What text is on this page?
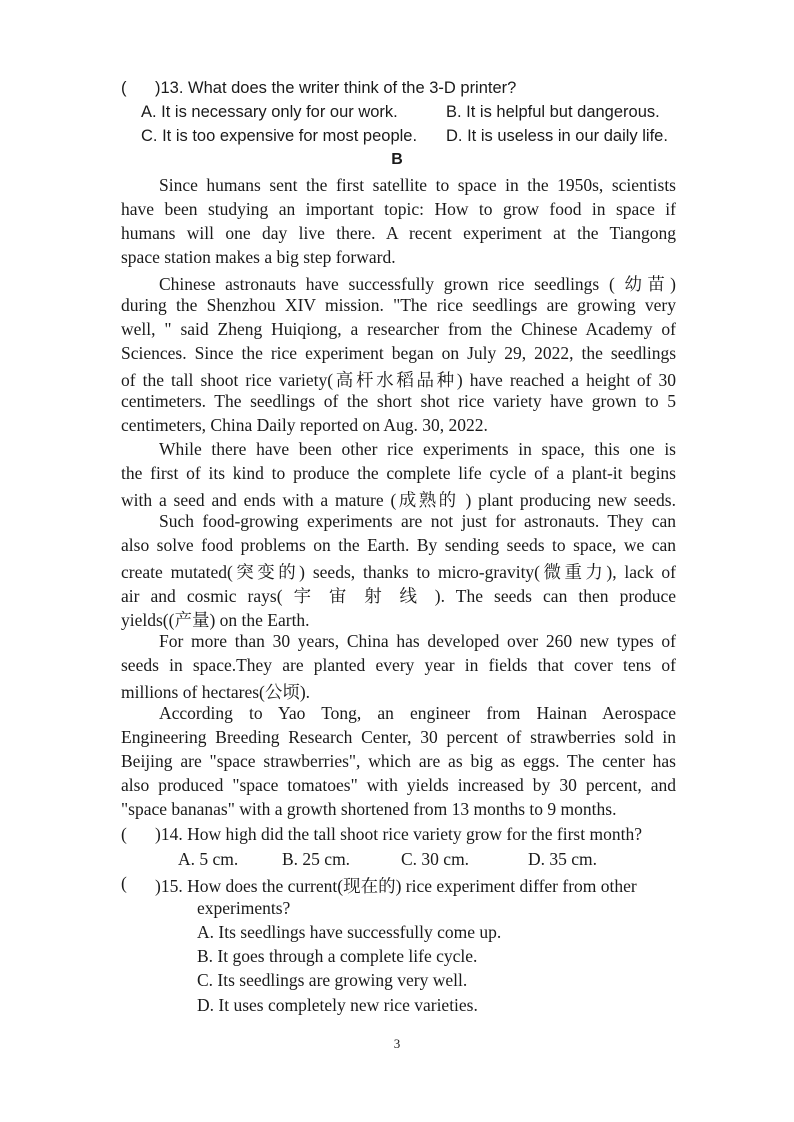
( )13. What does the writer think of the 3-D printer?
A. It is necessary only for our work.	B. It is helpful but dangerous.
C. It is too expensive for most people. D. It is useless in our daily life.
B
Since humans sent the first satellite to space in the 1950s, scientists
have been studying an important topic: How to grow food in space if
humans will one day live there. A recent experiment at the Tiangong
space station makes a big step forward.
Chinese astronauts have successfully grown rice seedlings ( 幼苗)
during the Shenzhou XIV mission. "The rice seedlings are growing very
well, " said Zheng Huiqiong, a researcher from the Chinese Academy of
Sciences. Since the rice experiment began on July 29, 2022, the seedlings
of the tall shoot rice variety(高杆水稻品种) have reached a height of 30
centimeters. The seedlings of the short shot rice variety have grown to 5
centimeters, China Daily reported on Aug. 30, 2022.
While there have been other rice experiments in space, this one is
the first of its kind to produce the complete life cycle of a plant-it begins
with a seed and ends with a mature (成熟的 ) plant producing new seeds.
Such food-growing experiments are not just for astronauts. They can
also solve food problems on the Earth. By sending seeds to space, we can
create mutated(突变的) seeds, thanks to micro-gravity(微重力), lack of
air and cosmic rays( 宇 宙 射 线 ). The seeds can then produce
yields((产量) on the Earth.
For more than 30 years, China has developed over 260 new types of
seeds in space.They are planted every year in fields that cover tens of
millions of hectares(公顷).
According to Yao Tong, an engineer from Hainan Aerospace
Engineering Breeding Research Center, 30 percent of strawberries sold in
Beijing are "space strawberries", which are as big as eggs. The center has
also produced "space tomatoes" with yields increased by 30 percent, and
"space bananas" with a growth shortened from 13 months to 9 months.
( )14. How high did the tall shoot rice variety grow for the first month?
A. 5 cm. B. 25 cm.	C. 30 cm.	D. 35 cm.
( )15. How does the current(现在的) rice experiment differ from other
experiments?
A. Its seedlings have successfully come up.
B. It goes through a complete life cycle.
C. Its seedlings are growing very well.
D. It uses completely new rice varieties.
3
